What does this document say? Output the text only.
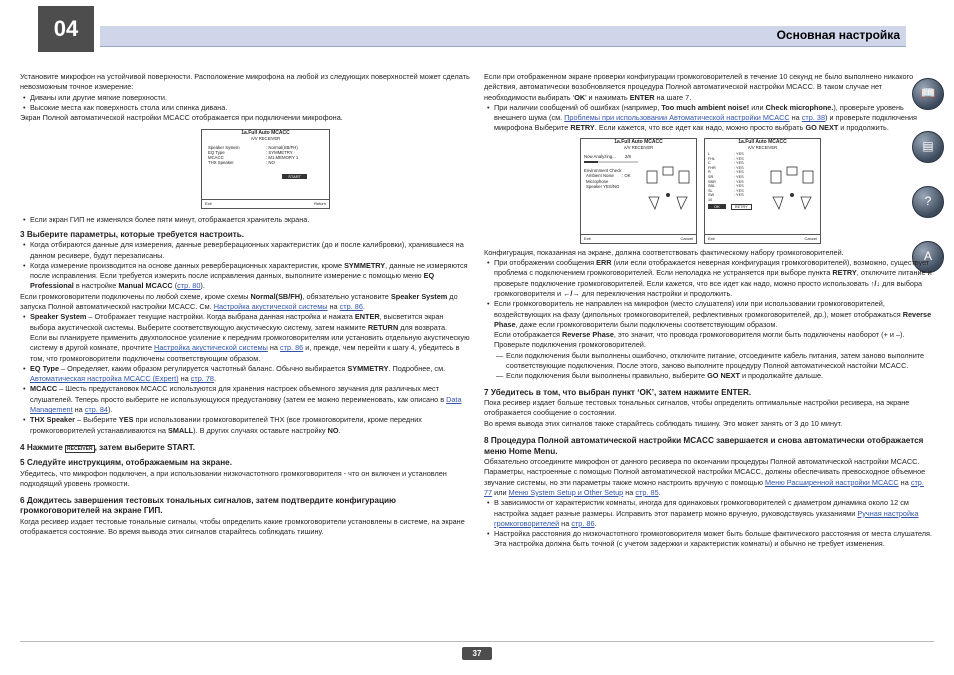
04	Основная настройка
📖
▤
?
A

Установите микрофон на устойчивой поверхности. Расположение микрофона на любой из следующих поверхностей может сделать невозможным точное измерение:

• Диваны или другие мягкие поверхности.

• Высокие места как поверхность стола или спинка дивана.

Экран Полной автоматической настройки MCACC отображается при подключении микрофона.

1a.Full Auto MCACC
A/V RECEIVER
Speaker System	: Normal(SB/FH)
EQ Type	: SYMMETRY
MCACC	: M1.MEMORY 1
THX Speaker	: NO
START
Exit	Return

• Если экран ГИП не изменялся более пяти минут, отображается хранитель экрана.

3 Выберите параметры, которые требуется настроить.

• Когда отбираются данные для измерения, данные реверберационных характеристик (до и после калибровки), хранившиеся на данном ресивере, будут перезаписаны.

• Когда измерение производится на основе данных реверберационных характеристик, кроме SYMMETRY, данные не измеряются после исправления. Если требуется измерить после исправления данных, выполните измерение с помощью меню EQ Professional в настройке Manual MCACC (стр. 80).

Если громкоговорители подключены по любой схеме, кроме схемы Normal(SB/FH), обязательно установите Speaker System до запуска Полной автоматической настройки MCACC. См. Настройка акустической системы на стр. 86.

• Speaker System – Отображает текущие настройки. Когда выбрана данная настройка и нажата ENTER, высветится экран выбора акустической системы. Выберите соответствующую акустическую систему, затем нажмите RETURN для возврата.

Если вы планируете применить двухполосное усиление к передним громкоговорителям или установить отдельную акустическую систему в другой комнате, прочтите Настройка акустической системы на стр. 86 и, прежде, чем перейти к шагу 4, убедитесь в том, что громкоговорители подключены соответствующим образом.

• EQ Type – Определяет, каким образом регулируется частотный баланс. Обычно выбирается SYMMETRY. Подробнее, см. Автоматическая настройка MCACC (Expert) на стр. 78.

• MCACC – Шесть предустановок MCACC используются для хранения настроек объемного звучания для различных мест слушателей. Теперь просто выберите не использующуюся предустановку (затем ее можно переименовать, как описано в Data Management на стр. 84).

• THX Speaker – Выберите YES при использовании громкоговорителей THX (все громкоговорители, кроме передних громкоговорителей устанавливаются на SMALL). В других случаях оставьте настройку NO.

4 Нажмите RECEIVER , затем выберите START.

5 Следуйте инструкциям, отображаемым на экране.

Убедитесь, что микрофон подключен, а при использовании низкочастотного громкоговорителя - что он включен и установлен подходящий уровень громкости.

6 Дождитесь завершения тестовых тональных сигналов, затем подтвердите конфигурацию громкоговорителей на экране ГИП.

Когда ресивер издает тестовые тональные сигналы, чтобы определить какие громкоговорители установлены в системе, на экране отображается состояние. Во время вывода этих сигналов старайтесь соблюдать тишину.

Если при отображенном экране проверки конфигурации громкоговорителей в течение 10 секунд не было выполнено никакого действия, автоматически возобновляется процедура Полной автоматической настройки MCACC. В таком случае нет необходимости выбирать ‘OK’ и нажимать ENTER на шаге 7.

• При наличии сообщений об ошибках (например, Too much ambient noise! или Check microphone.), проверьте уровень внешнего шума (см. Проблемы при использовании Автоматической настройки MCACC на стр. 38) и проверьте подключения микрофона Выберите RETRY. Если кажется, что все идет как надо, можно просто выбрать GO NEXT и продолжить.

1a.Full Auto MCACC
A/V RECEIVER
Now Analyzing... 2/8
Environment Check
Ambient Noise	: OK
Microphone
Speaker YES/NO
Exit	Cancel
1a.Full Auto MCACC
A/V RECEIVER
L	: YES
FHL	: YES
C	: YES
FHR	: YES
R	: YES
SR	: YES
SBR	: YES
SBL	: YES
SL	: YES
SW	: YES
10
OK	RETRY
Exit	Cancel

Конфигурация, показанная на экране, должна соответствовать фактическому набору громкоговорителей.

• При отображении сообщения ERR (или если отображается неверная конфигурация громкоговорителей), возможно, существует проблема с подключением громкоговорителей. Если неполадка не устраняется при выборе пункта RETRY, отключите питание и проверьте подключение громкоговорителей. Если кажется, что все идет как надо, можно просто использовать ↑/↓ для выбора громкоговорителя и ←/→ для переключения настройки и продолжить.

• Если громкоговоритель не направлен на микрофон (место слушателя) или при использовании громкоговорителей, воздействующих на фазу (дипольных громкоговорителей, рефлективных громкоговорителей, др.), может отображаться Reverse Phase, даже если громкоговорители были подключены соответствующим образом.

Если отображается Reverse Phase, это значит, что провода громкоговорителя могли быть подключены наоборот (+ и –). Проверьте подключения громкоговорителей.

— Если подключения были выполнены ошибочно, отключите питание, отсоедините кабель питания, затем заново выполните соответствующие подключения. После этого, заново выполните процедуру Полной автоматической настойки MCACC.

— Если подключения были выполнены правильно, выберите GO NEXT и продолжайте дальше.

7 Убедитесь в том, что выбран пункт ‘OK’, затем нажмите ENTER.

Пока ресивер издает больше тестовых тональных сигналов, чтобы определить оптимальные настройки ресивера, на экране отображается сообщение о состоянии.
Во время вывода этих сигналов также старайтесь соблюдать тишину. Это может занять от 3 до 10 минут.

8 Процедура Полной автоматической настройки MCACC завершается и снова автоматически отображается меню Home Menu.

Обязательно отсоедините микрофон от данного ресивера по окончании процедуры Полной автоматической настройки MCACC.

Параметры, настроенные с помощью Полной автоматической настройки MCACC, должны обеспечивать превосходное объемное звучание системы, но эти параметры также можно настроить вручную с помощью Меню Расширенной настройки MCACC на стр. 77 или Меню System Setup и Other Setup на стр. 85.

• В зависимости от характеристик комнаты, иногда для одинаковых громкоговорителей с диаметром динамика около 12 см настройка задает разные размеры. Исправить этот параметр можно вручную, руководствуясь указаниями Ручная настройка громкоговорителей на стр. 86.

• Настройка расстояния до низкочастотного громкоговорителя может быть больше фактического расстояния от места слушателя. Эта настройка должна быть точной (с учетом задержки и характеристик комнаты) и обычно не требует изменения.

37
